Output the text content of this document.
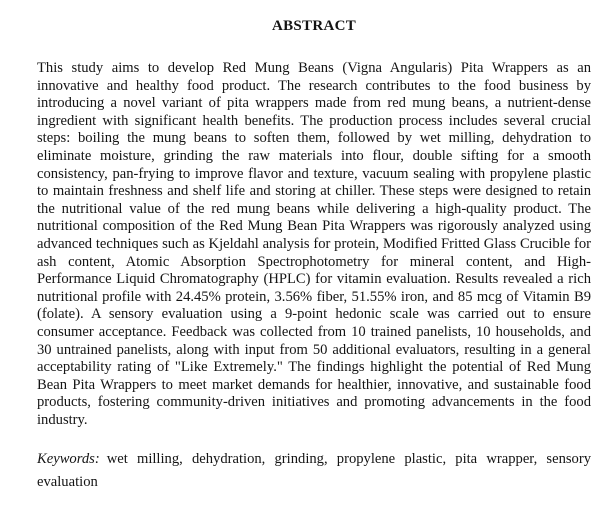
ABSTRACT

This study aims to develop Red Mung Beans (Vigna Angularis) Pita Wrappers as an innovative and healthy food product. The research contributes to the food business by introducing a novel variant of pita wrappers made from red mung beans, a nutrient-dense ingredient with significant health benefits. The production process includes several crucial steps: boiling the mung beans to soften them, followed by wet milling, dehydration to eliminate moisture, grinding the raw materials into flour, double sifting for a smooth consistency, pan-frying to improve flavor and texture, vacuum sealing with propylene plastic to maintain freshness and shelf life and storing at chiller. These steps were designed to retain the nutritional value of the red mung beans while delivering a high-quality product. The nutritional composition of the Red Mung Bean Pita Wrappers was rigorously analyzed using advanced techniques such as Kjeldahl analysis for protein, Modified Fritted Glass Crucible for ash content, Atomic Absorption Spectrophotometry for mineral content, and High-Performance Liquid Chromatography (HPLC) for vitamin evaluation. Results revealed a rich nutritional profile with 24.45% protein, 3.56% fiber, 51.55% iron, and 85 mcg of Vitamin B9 (folate). A sensory evaluation using a 9-point hedonic scale was carried out to ensure consumer acceptance. Feedback was collected from 10 trained panelists, 10 households, and 30 untrained panelists, along with input from 50 additional evaluators, resulting in a general acceptability rating of "Like Extremely." The findings highlight the potential of Red Mung Bean Pita Wrappers to meet market demands for healthier, innovative, and sustainable food products, fostering community-driven initiatives and promoting advancements in the food industry.

Keywords: wet milling, dehydration, grinding, propylene plastic, pita wrapper, sensory evaluation
